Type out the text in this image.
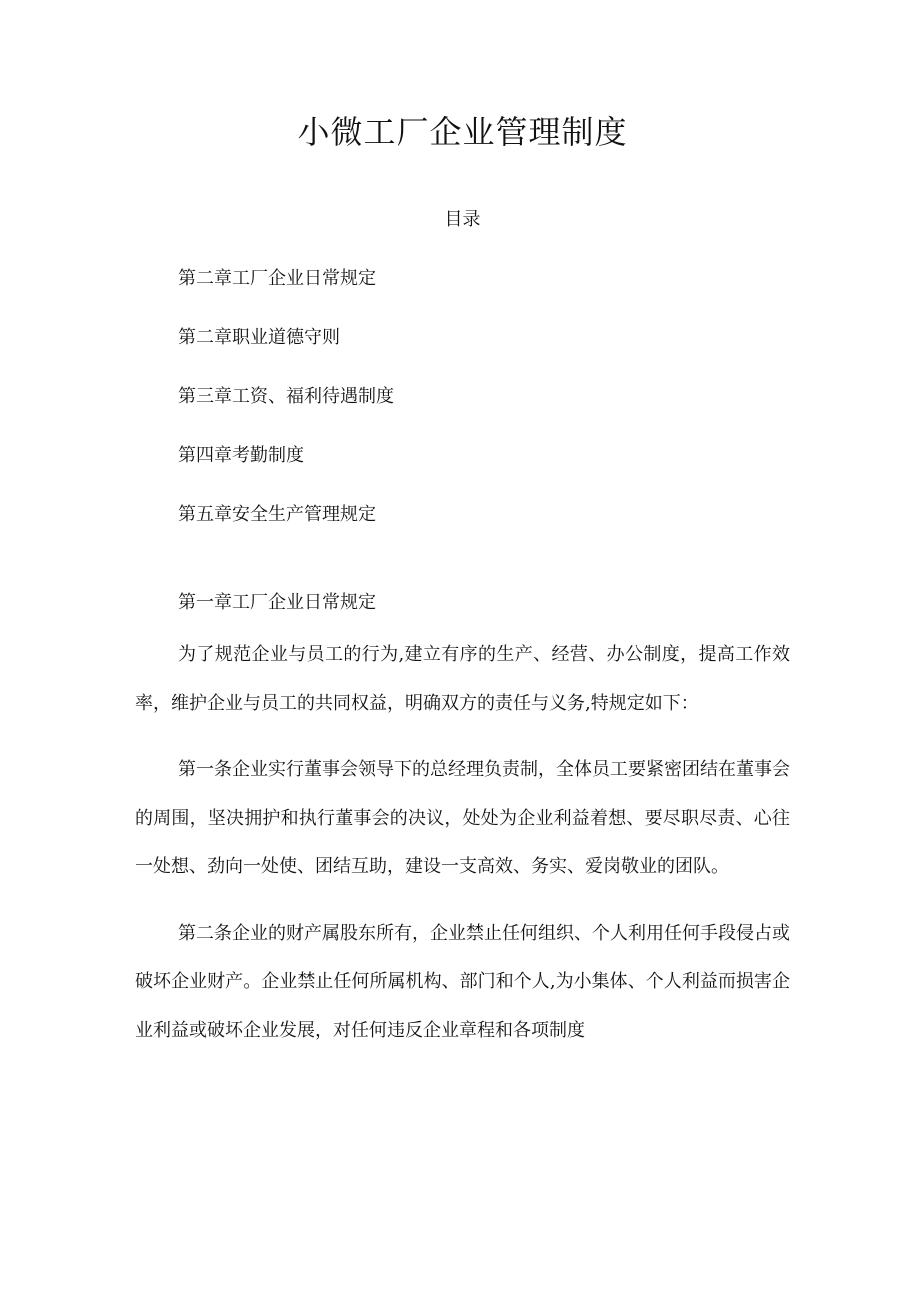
小微工厂企业管理制度
目录
第二章工厂企业日常规定
第二章职业道德守则
第三章工资、福利待遇制度
第四章考勤制度
第五章安全生产管理规定
第一章工厂企业日常规定

为了规范企业与员工的行为,建立有序的生产、经营、办公制度，提高工作效率，维护企业与员工的共同权益，明确双方的责任与义务,特规定如下：

第一条企业实行董事会领导下的总经理负责制，全体员工要紧密团结在董事会的周围，坚决拥护和执行董事会的决议，处处为企业利益着想、要尽职尽责、心往一处想、劲向一处使、团结互助，建设一支高效、务实、爱岗敬业的团队。

第二条企业的财产属股东所有，企业禁止任何组织、个人利用任何手段侵占或破坏企业财产。企业禁止任何所属机构、部门和个人,为小集体、个人利益而损害企业利益或破坏企业发展，对任何违反企业章程和各项制度
